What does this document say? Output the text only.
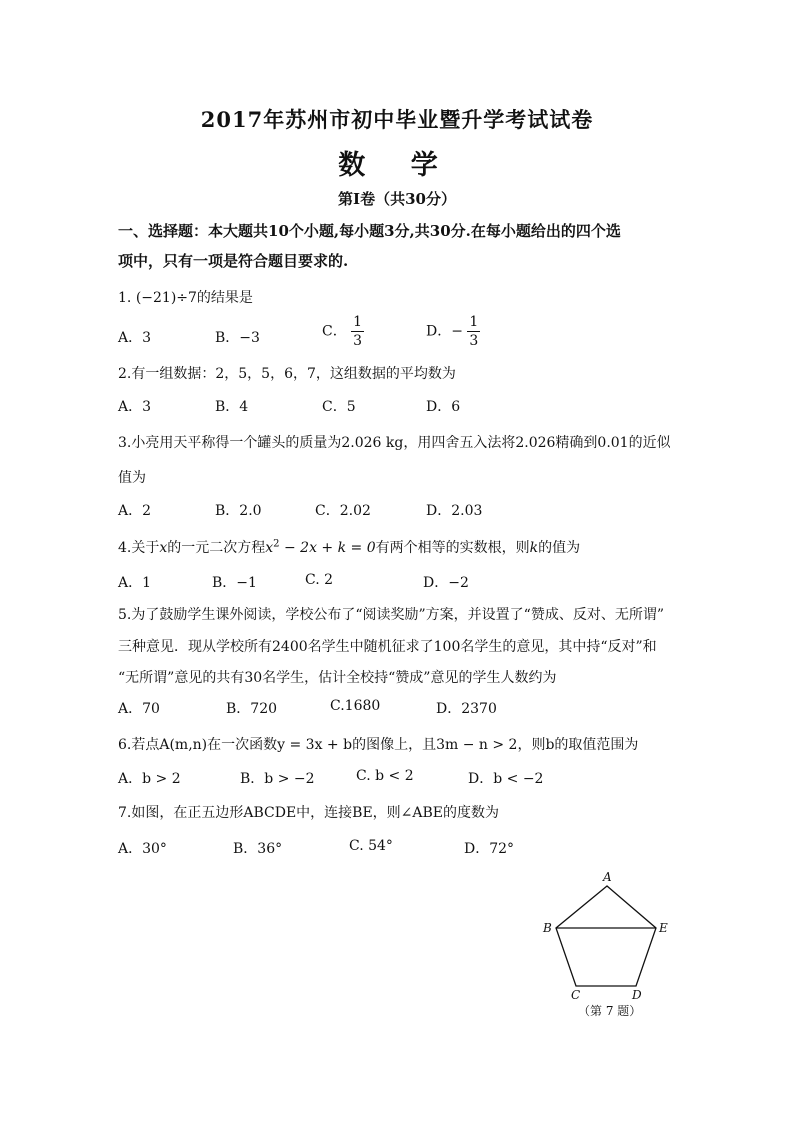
2017年苏州市初中毕业暨升学考试试卷
数 学
第Ⅰ卷（共30分）
一、选择题：本大题共10个小题,每小题3分,共30分.在每小题给出的四个选
项中，只有一项是符合题目要求的.
1. (−21)÷7的结果是
A．3	B．−3	C． $\frac{1}{3}$	D．− $\frac{1}{3}$
2.有一组数据：2，5，5，6，7，这组数据的平均数为
A．3	B．4	C．5	D．6
3.小亮用天平称得一个罐头的质量为2.026 kg，用四舍五入法将2.026精确到0.01的近似
值为
A．2	B．2.0	C．2.02	D．2.03
4.关于x的一元二次方程$x^2 - 2x + k = 0$有两个相等的实数根，则k的值为
A．1	B．−1	C. 2	D．−2
5.为了鼓励学生课外阅读，学校公布了“阅读奖励”方案，并设置了“赞成、反对、无所谓”
三种意见．现从学校所有2400名学生中随机征求了100名学生的意见，其中持“反对”和
“无所谓”意见的共有30名学生，估计全校持“赞成”意见的学生人数约为
A．70	B．720	C.1680	D．2370
6.若点A(m,n)在一次函数y = 3x + b的图像上，且3m − n > 2，则b的取值范围为
A．b > 2	B．b > −2	C. b < 2	D．b < −2
7.如图，在正五边形ABCDE中，连接BE，则∠ABE的度数为
A．30°	B．36°	C. 54°	D．72°
A
B	E
C	D
（第 7 题）
